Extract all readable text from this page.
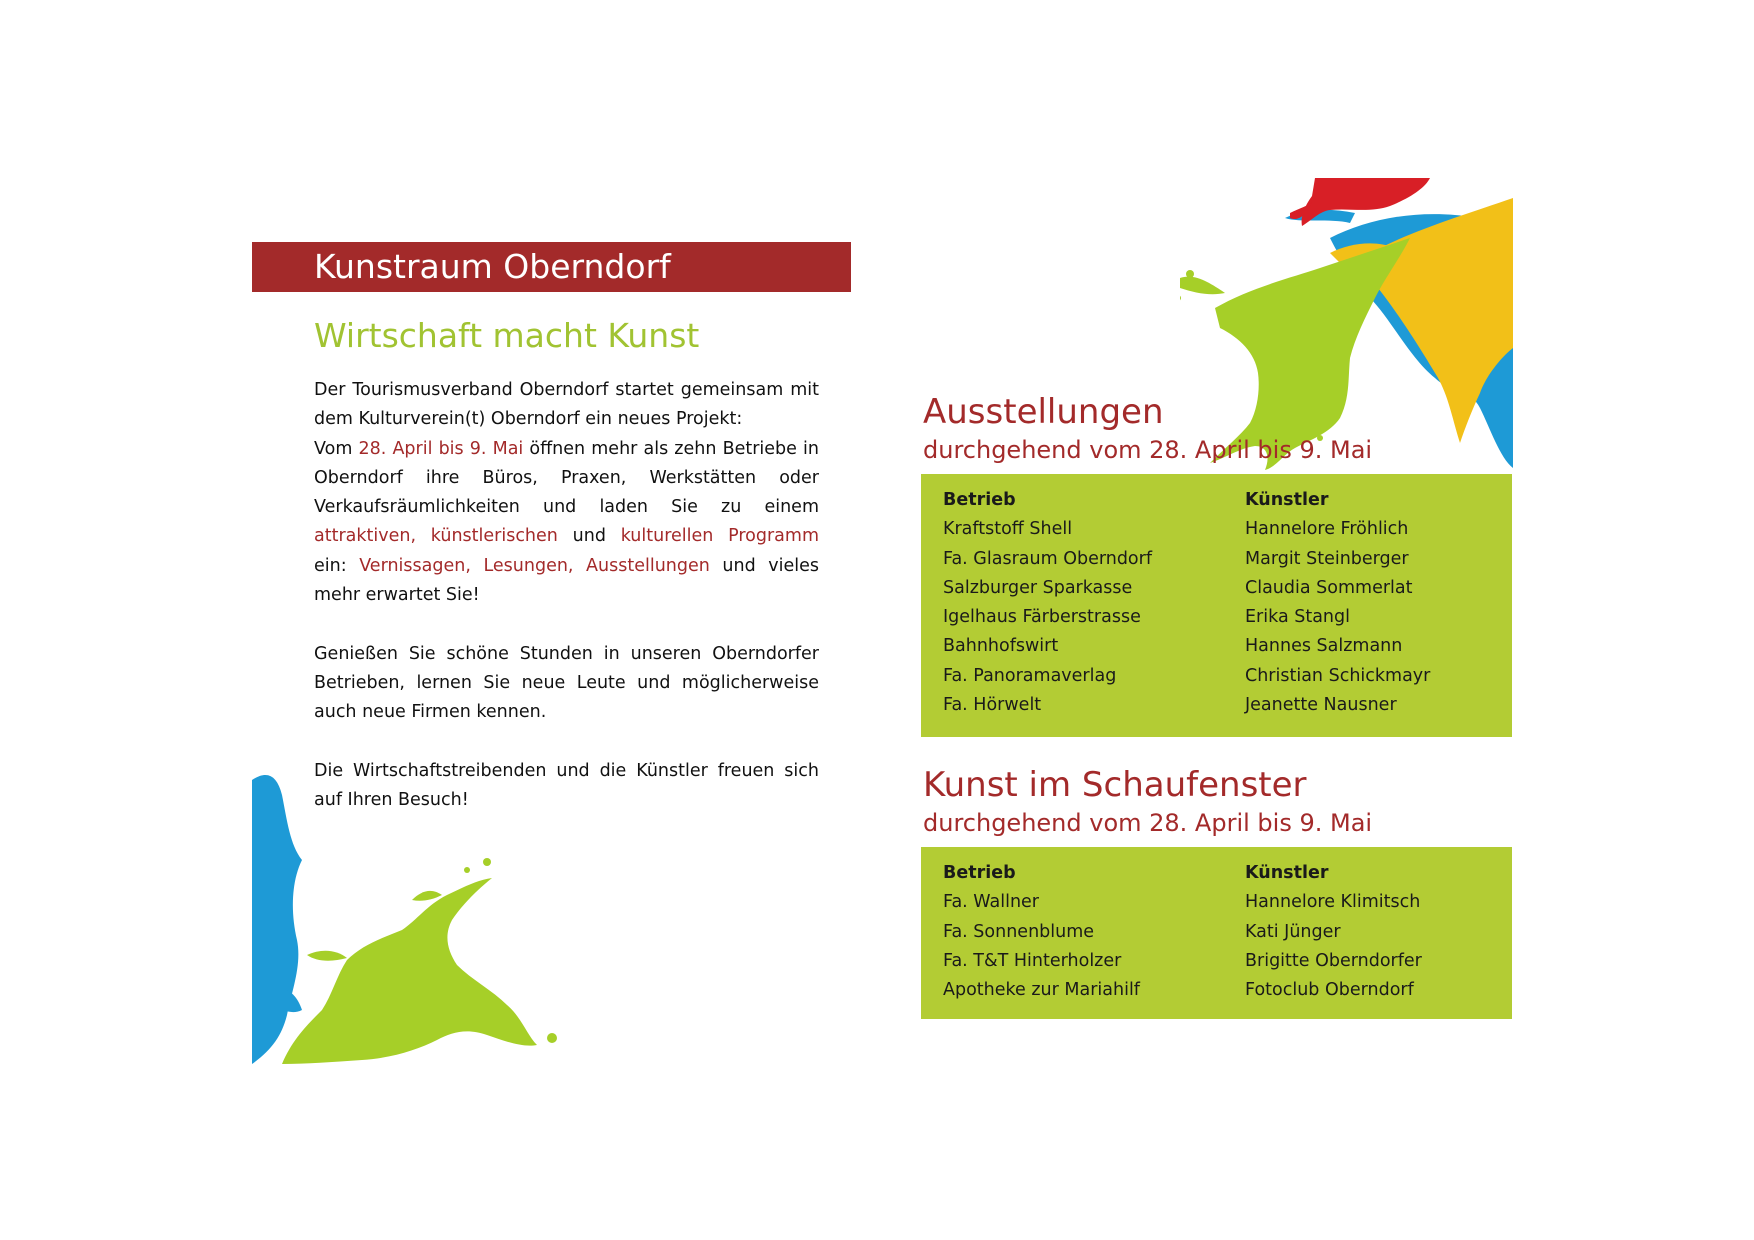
Kunstraum Oberndorf
Wirtschaft macht Kunst

Der Tourismusverband Oberndorf startet gemeinsam mit dem Kulturverein(t) Oberndorf ein neues Projekt:
Vom 28. April bis 9. Mai öffnen mehr als zehn Betriebe in Oberndorf ihre Büros, Praxen, Werkstätten oder Verkaufsräumlichkeiten und laden Sie zu einem attraktiven, künstlerischen und kulturellen Programm ein: Vernissagen, Lesungen, Ausstellungen und vieles mehr erwartet Sie!

Genießen Sie schöne Stunden in unseren Oberndorfer Betrieben, lernen Sie neue Leute und möglicherweise auch neue Firmen kennen.

Die Wirtschaftstreibenden und die Künstler freuen sich auf Ihren Besuch!

Ausstellungen
durchgehend vom 28. April bis 9. Mai
Betrieb
Kraftstoff Shell
Fa. Glasraum Oberndorf
Salzburger Sparkasse
Igelhaus Färberstrasse
Bahnhofswirt
Fa. Panoramaverlag
Fa. Hörwelt
Künstler
Hannelore Fröhlich
Margit Steinberger
Claudia Sommerlat
Erika Stangl
Hannes Salzmann
Christian Schickmayr
Jeanette Nausner
Kunst im Schaufenster
durchgehend vom 28. April bis 9. Mai
Betrieb
Fa. Wallner
Fa. Sonnenblume
Fa. T&T Hinterholzer
Apotheke zur Mariahilf
Künstler
Hannelore Klimitsch
Kati Jünger
Brigitte Oberndorfer
Fotoclub Oberndorf
